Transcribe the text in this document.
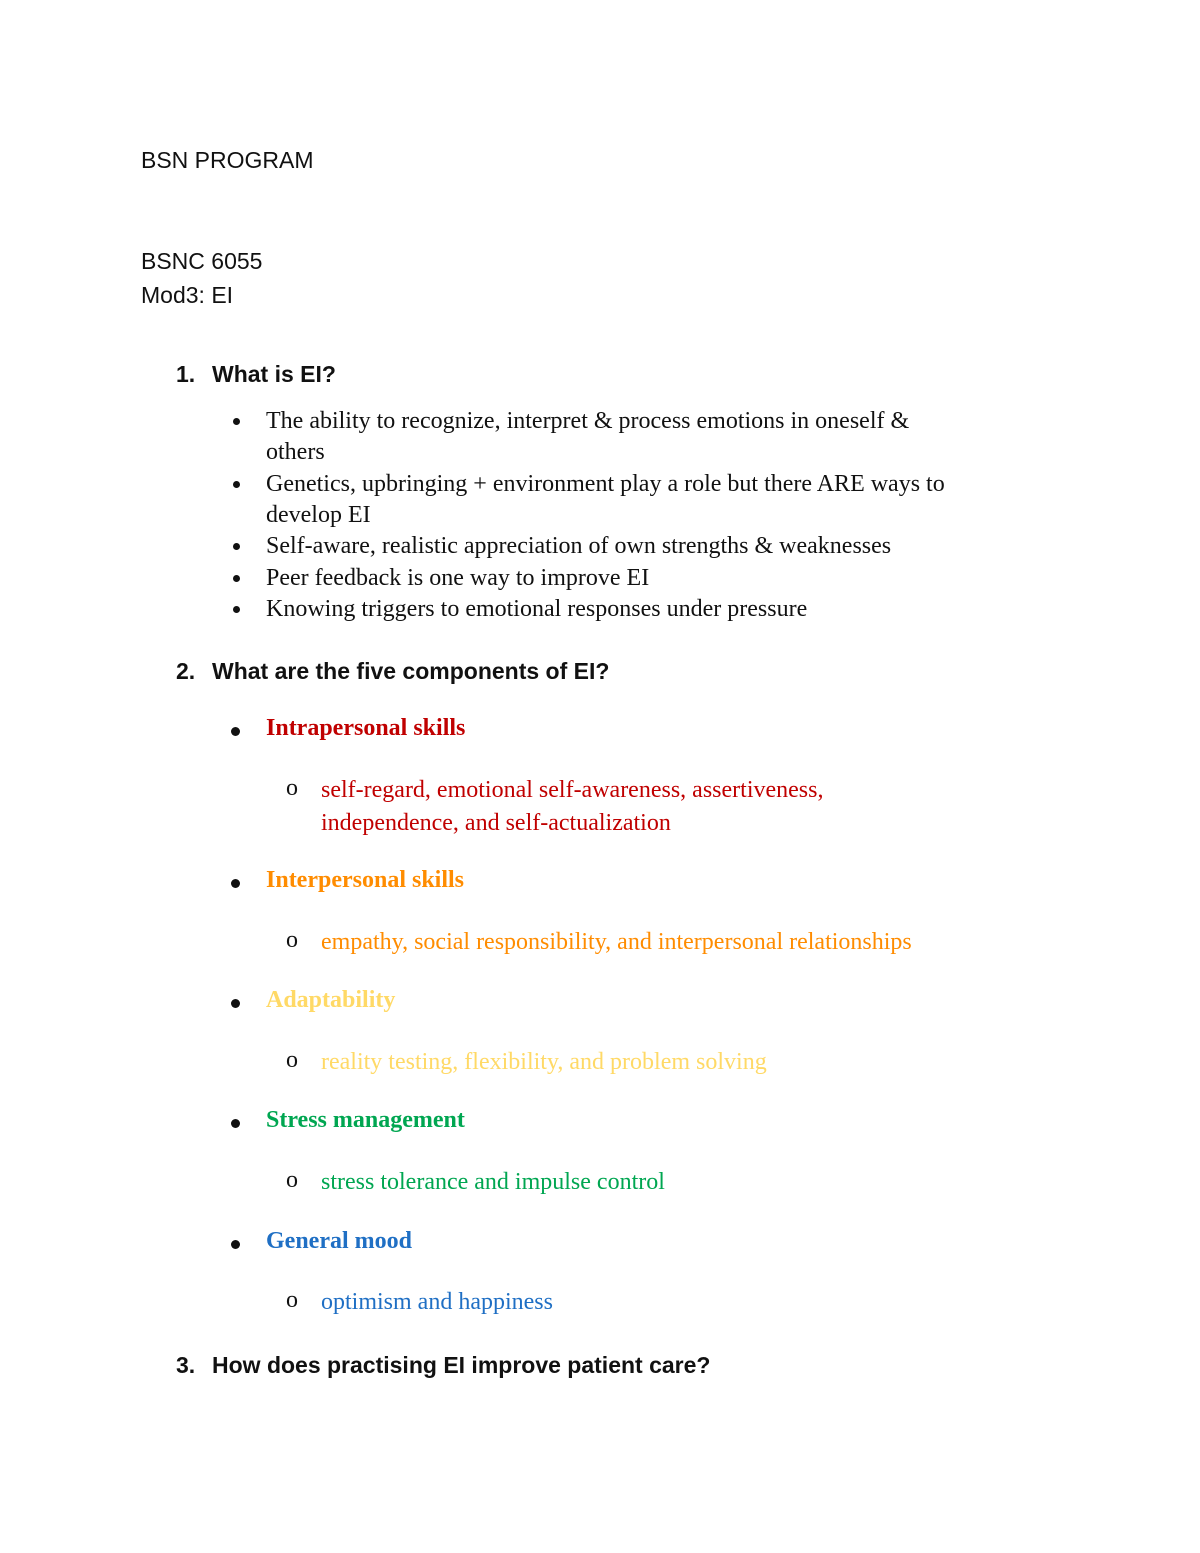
BSN PROGRAM
BSNC 6055
Mod3: EI
1. What is EI?
The ability to recognize, interpret & process emotions in oneself &
others
Genetics, upbringing + environment play a role but there ARE ways to
develop EI
Self-aware, realistic appreciation of own strengths & weaknesses
Peer feedback is one way to improve EI
Knowing triggers to emotional responses under pressure
2. What are the five components of EI?
Intrapersonal skills
o self-regard, emotional self-awareness, assertiveness,
independence, and self-actualization
Interpersonal skills
o empathy, social responsibility, and interpersonal relationships
Adaptability
o reality testing, flexibility, and problem solving
Stress management
o stress tolerance and impulse control
General mood
o optimism and happiness
3. How does practising EI improve patient care?
